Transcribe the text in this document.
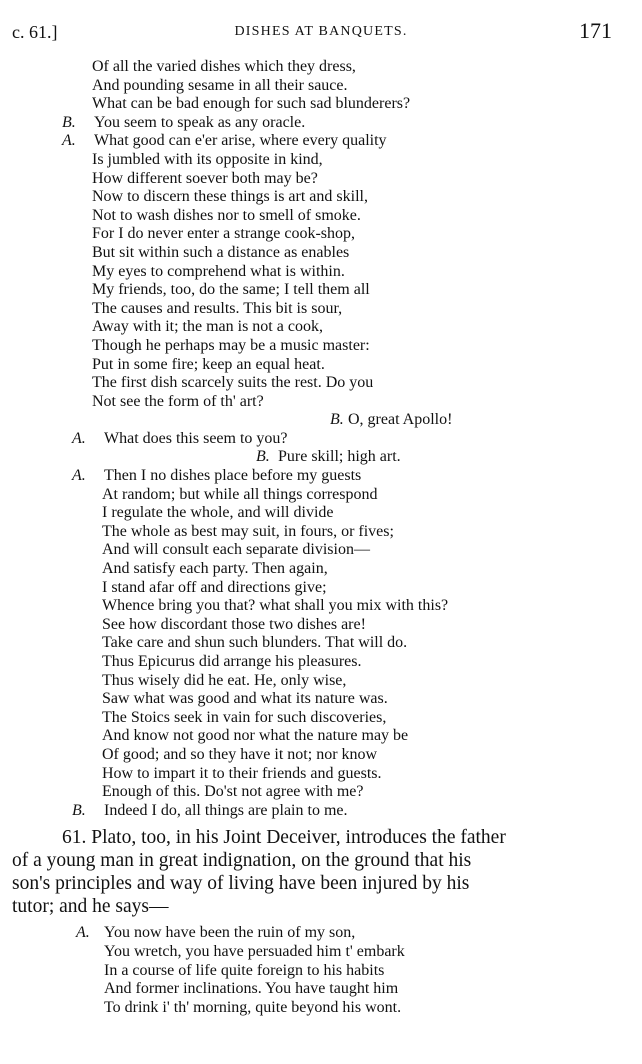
c. 61.]	DISHES AT BANQUETS.	171
Of all the varied dishes which they dress,
And pounding sesame in all their sauce.
What can be bad enough for such sad blunderers?
B. You seem to speak as any oracle.
A. What good can e'er arise, where every quality
Is jumbled with its opposite in kind,
How different soever both may be?
Now to discern these things is art and skill,
Not to wash dishes nor to smell of smoke.
For I do never enter a strange cook-shop,
But sit within such a distance as enables
My eyes to comprehend what is within.
My friends, too, do the same; I tell them all
The causes and results. This bit is sour,
Away with it; the man is not a cook,
Though he perhaps may be a music master:
Put in some fire; keep an equal heat.
The first dish scarcely suits the rest. Do you
Not see the form of th' art?
B. O, great Apollo!
A. What does this seem to you?
B. Pure skill; high art.
A. Then I no dishes place before my guests
At random; but while all things correspond
I regulate the whole, and will divide
The whole as best may suit, in fours, or fives;
And will consult each separate division—
And satisfy each party. Then again,
I stand afar off and directions give;
Whence bring you that? what shall you mix with this?
See how discordant those two dishes are!
Take care and shun such blunders. That will do.
Thus Epicurus did arrange his pleasures.
Thus wisely did he eat. He, only wise,
Saw what was good and what its nature was.
The Stoics seek in vain for such discoveries,
And know not good nor what the nature may be
Of good; and so they have it not; nor know
How to impart it to their friends and guests.
Enough of this. Do'st not agree with me?
B. Indeed I do, all things are plain to me.
61. Plato, too, in his Joint Deceiver, introduces the father
of a young man in great indignation, on the ground that his
son's principles and way of living have been injured by his
tutor; and he says—
A. You now have been the ruin of my son,
You wretch, you have persuaded him t' embark
In a course of life quite foreign to his habits
And former inclinations. You have taught him
To drink i' th' morning, quite beyond his wont.
